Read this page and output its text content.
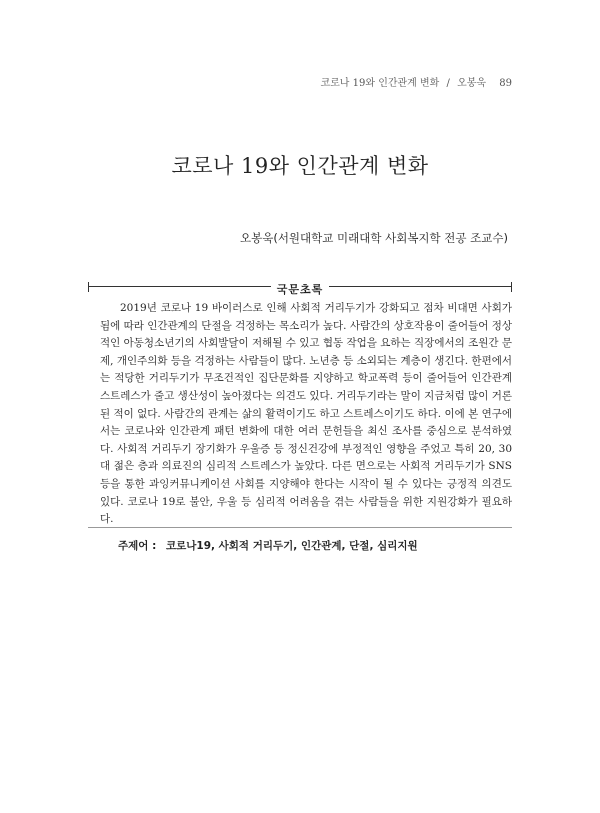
코로나 19와 인간관계 변화 / 오봉욱 89
코로나 19와 인간관계 변화
오봉욱(서원대학교 미래대학 사회복지학 전공 조교수)
국문초록
2019년 코로나 19 바이러스로 인해 사회적 거리두기가 강화되고 점차 비대면 사회가 됨에 따라 인간관계의 단절을 걱정하는 목소리가 높다. 사람간의 상호작용이 줄어들어 정상적인 아동청소년기의 사회발달이 저해될 수 있고 협동 작업을 요하는 직장에서의 조원간 문제, 개인주의화 등을 걱정하는 사람들이 많다. 노년층 등 소외되는 계층이 생긴다. 한편에서는 적당한 거리두기가 무조건적인 집단문화를 지양하고 학교폭력 등이 줄어들어 인간관계 스트레스가 줄고 생산성이 높아졌다는 의견도 있다. 거리두기라는 말이 지금처럼 많이 거론된 적이 없다. 사람간의 관계는 삶의 활력이기도 하고 스트레스이기도 하다. 이에 본 연구에서는 코로나와 인간관계 패턴 변화에 대한 여러 문헌들을 최신 조사를 중심으로 분석하였다. 사회적 거리두기 장기화가 우울증 등 정신건강에 부정적인 영향을 주었고 특히 20, 30대 젊은 층과 의료진의 심리적 스트레스가 높았다. 다른 면으로는 사회적 거리두기가 SNS 등을 통한 과잉커뮤니케이션 사회를 지양해야 한다는 시작이 될 수 있다는 긍정적 의견도 있다. 코로나 19로 불안, 우울 등 심리적 어려움을 겪는 사람들을 위한 지원강화가 필요하다.
주제어 : 코로나19, 사회적 거리두기, 인간관계, 단절, 심리지원
